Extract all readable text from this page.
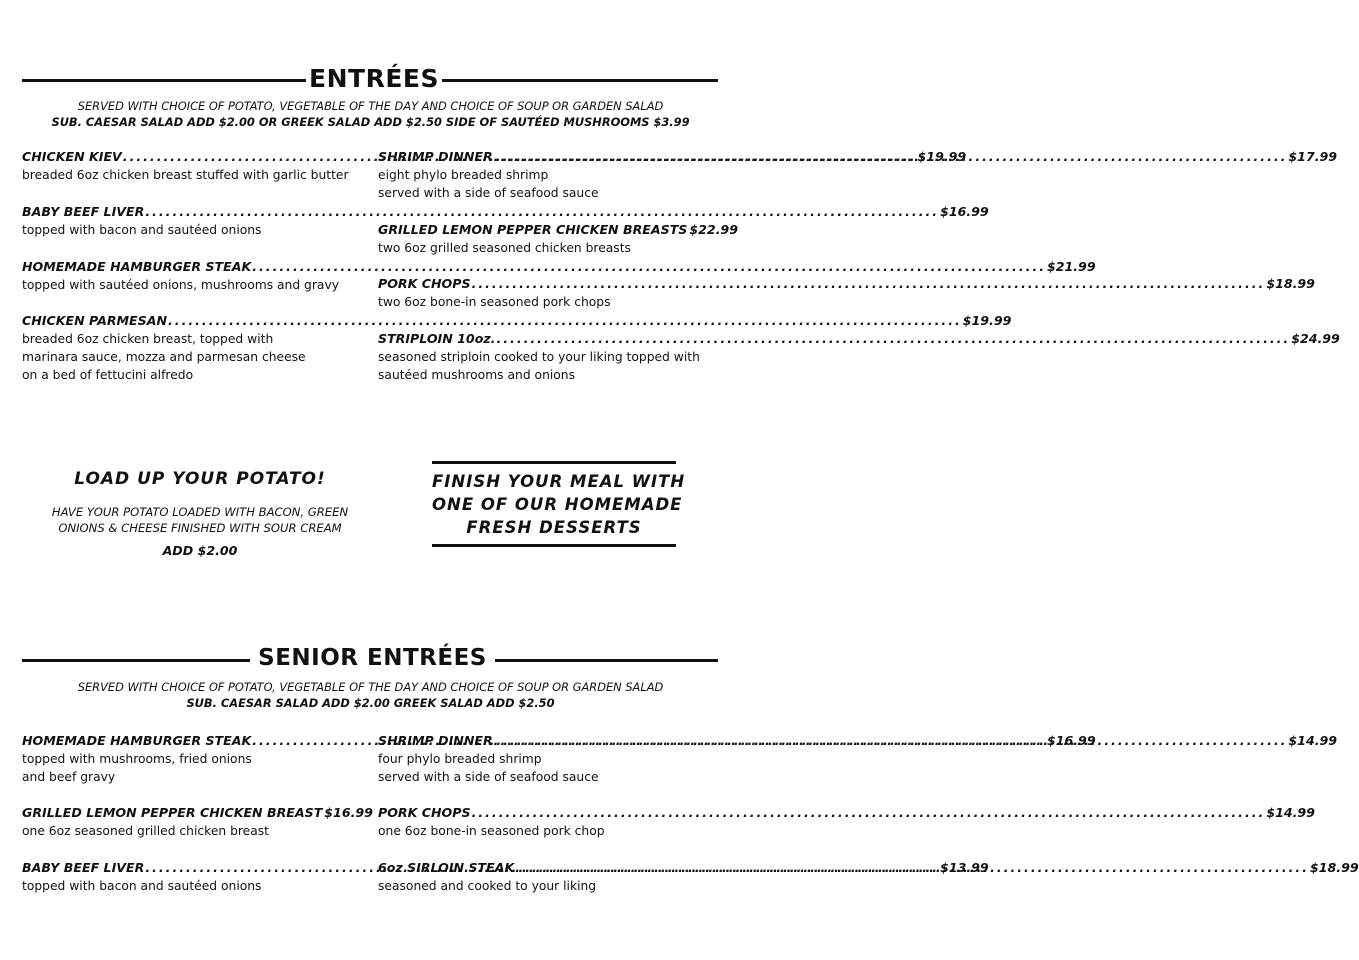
ENTRÉES
SERVED WITH CHOICE OF POTATO, VEGETABLE OF THE DAY AND CHOICE OF SOUP OR GARDEN SALAD
SUB. CAESAR SALAD ADD $2.00 OR GREEK SALAD ADD $2.50 SIDE OF SAUTÉED MUSHROOMS $3.99
CHICKEN KIEV .....	$19.99
breaded 6oz chicken breast stuffed with garlic butter
BABY BEEF LIVER .....	$16.99
topped with bacon and sautéed onions
HOMEMADE HAMBURGER STEAK .....	$21.99
topped with sautéed onions, mushrooms and gravy
CHICKEN PARMESAN .....	$19.99
breaded 6oz chicken breast, topped with
marinara sauce, mozza and parmesan cheese
on a bed of fettucini alfredo
SHRIMP DINNER .....	$17.99
eight phylo breaded shrimp
served with a side of seafood sauce
GRILLED LEMON PEPPER CHICKEN BREASTS $22.99
two 6oz grilled seasoned chicken breasts
PORK CHOPS .....	$18.99
two 6oz bone-in seasoned pork chops
STRIPLOIN 10oz. .....	$24.99
seasoned striploin cooked to your liking topped with
sautéed mushrooms and onions
LOAD UP YOUR POTATO!
HAVE YOUR POTATO LOADED WITH BACON, GREEN
ONIONS & CHEESE FINISHED WITH SOUR CREAM
ADD $2.00
FINISH YOUR MEAL WITH
ONE OF OUR HOMEMADE
FRESH DESSERTS
SENIOR ENTRÉES
SERVED WITH CHOICE OF POTATO, VEGETABLE OF THE DAY AND CHOICE OF SOUP OR GARDEN SALAD
SUB. CAESAR SALAD ADD $2.00 GREEK SALAD ADD $2.50
HOMEMADE HAMBURGER STEAK .....	$16.99
topped with mushrooms, fried onions
and beef gravy
GRILLED LEMON PEPPER CHICKEN BREAST $16.99
one 6oz seasoned grilled chicken breast
BABY BEEF LIVER .....	$13.99
topped with bacon and sautéed onions
SHRIMP DINNER .....	$14.99
four phylo breaded shrimp
served with a side of seafood sauce
PORK CHOPS .....	$14.99
one 6oz bone-in seasoned pork chop
6oz SIRLOIN STEAK .....	$18.99
seasoned and cooked to your liking
